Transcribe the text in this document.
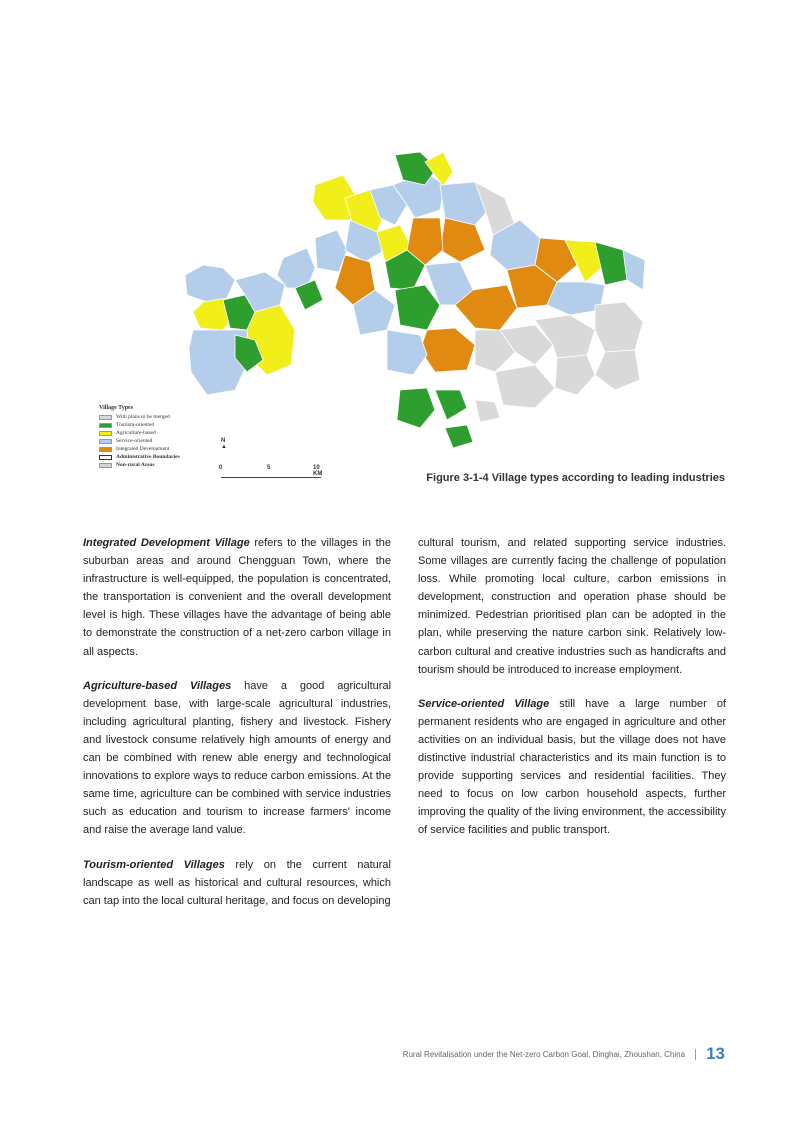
N
▲
Village Types
With plans to be merged
Tourism-oriented
Agriculture-based
Service-oriented
Integrated Development
Administrative Boundaries
Non-rural Areas	0	5	10 KM	Figure 3-1-4 Village types according to leading industries

Integrated Development Village refers to the villages in the suburban areas and around Chengguan Town, where the infrastructure is well-equipped, the population is concentrated, the transportation is convenient and the overall development level is high. These villages have the advantage of being able to demonstrate the construction of a net-zero carbon village in all aspects.

Agriculture-based Villages have a good agricultural development base, with large-scale agricultural industries, including agricultural planting, fishery and livestock. Fishery and livestock consume relatively high amounts of energy and can be combined with renew able energy and technological innovations to explore ways to reduce carbon emissions. At the same time, agriculture can be combined with service industries such as education and tourism to increase farmers' income and raise the average land value.

Tourism-oriented Villages rely on the current natural landscape as well as historical and cultural resources, which can tap into the local cultural heritage, and focus on developing

cultural tourism, and related supporting service industries. Some villages are currently facing the challenge of population loss. While promoting local culture, carbon emissions in development, construction and operation phase should be minimized. Pedestrian prioritised plan can be adopted in the plan, while preserving the nature carbon sink. Relatively low-carbon cultural and creative industries such as handicrafts and tourism should be introduced to increase employment.

Service-oriented Village still have a large number of permanent residents who are engaged in agriculture and other activities on an individual basis, but the village does not have distinctive industrial characteristics and its main function is to provide supporting services and residential facilities. They need to focus on low carbon household aspects, further improving the quality of the living environment, the accessibility of service facilities and public transport.

Rural Revitalisation under the Net-zero Carbon Goal, Dinghai, Zhoushan, China 13
